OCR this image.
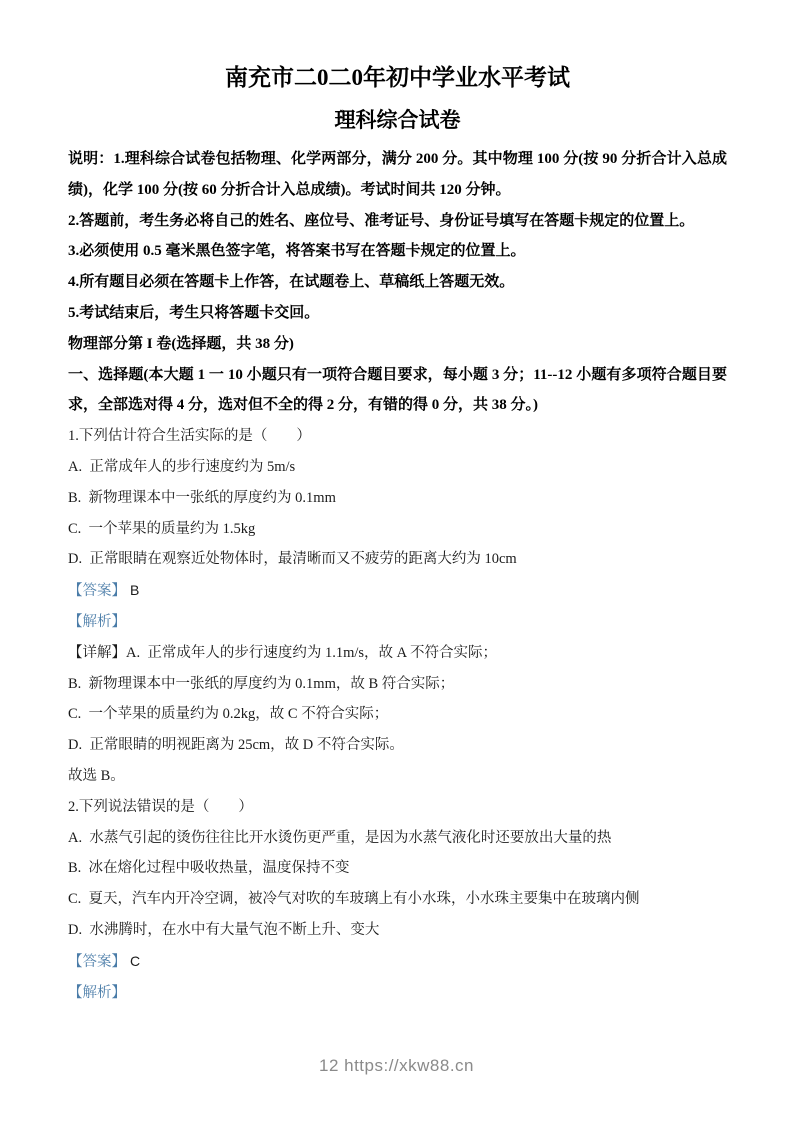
南充市二0二0年初中学业水平考试
理科综合试卷

说明：1.理科综合试卷包括物理、化学两部分，满分 200 分。其中物理 100 分(按 90 分折合计入总成绩)，化学 100 分(按 60 分折合计入总成绩)。考试时间共 120 分钟。

2.答题前，考生务必将自己的姓名、座位号、准考证号、身份证号填写在答题卡规定的位置上。

3.必须使用 0.5 毫米黑色签字笔，将答案书写在答题卡规定的位置上。

4.所有题目必须在答题卡上作答，在试题卷上、草稿纸上答题无效。

5.考试结束后，考生只将答题卡交回。

物理部分第 I 卷(选择题，共 38 分)

一、选择题(本大题 1 一 10 小题只有一项符合题目要求，每小题 3 分；11--12 小题有多项符合题目要求，全部选对得 4 分，选对但不全的得 2 分，有错的得 0 分，共 38 分。)

1.下列估计符合生活实际的是（　　）

A.  正常成年人的步行速度约为 5m/s

B.  新物理课本中一张纸的厚度约为 0.1mm

C.  一个苹果的质量约为 1.5kg

D.  正常眼睛在观察近处物体时，最清晰而又不疲劳的距离大约为 10cm

【答案】 B

【解析】

【详解】A.  正常成年人的步行速度约为 1.1m/s，故 A 不符合实际；

B.  新物理课本中一张纸的厚度约为 0.1mm，故 B 符合实际；

C.  一个苹果的质量约为 0.2kg，故 C 不符合实际；

D.  正常眼睛的明视距离为 25cm，故 D 不符合实际。

故选 B。

2.下列说法错误的是（　　）

A.  水蒸气引起的烫伤往往比开水烫伤更严重，是因为水蒸气液化时还要放出大量的热

B.  冰在熔化过程中吸收热量，温度保持不变

C.  夏天，汽车内开冷空调，被冷气对吹的车玻璃上有小水珠，小水珠主要集中在玻璃内侧

D.  水沸腾时，在水中有大量气泡不断上升、变大

【答案】 C

【解析】

12 https://xkw88.cn
